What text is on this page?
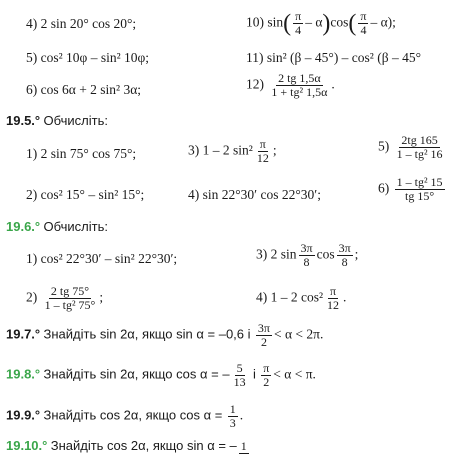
4) 2 sin 20° cos 20°;	10) $\sin( \frac{\pi}{4} - \alpha)\cos( \frac{\pi}{4} - \alpha)$;
5) cos² 10φ – sin² 10φ;	11) sin² (β – 45°) – cos² (β – 45°
6) cos 6α + 2 sin² 3α;	$12) \frac{2 tg 1,5\alpha}{\text{1 + tg² 1,5α}}$ .
19.5.° Обчисліть:
1) 2 sin 75° cos 75°;	3) 1 – 2 $\sin^2 \frac{\pi}{12}$ ;	$5) \frac{2tg 165}{\text{1 – tg² 16}}$
2) cos² 15° – sin² 15°;	4) sin 22°30′ cos 22°30′;	$6) \frac{\text{1 – tg² 15}}{tg 15^\circ}$
19.6.° Обчисліть:
1) cos² 22°30′ – sin² 22°30′;	3) 2 $\sin \frac{3\pi}{8}$ $\cos \frac{3\pi}{8}$ ;
$2) \frac{2 tg 75^\circ}{\text{1 – tg² 75°}}$ ;	4) 1 – 2 $\cos^2 \frac{\pi}{12}$ .
19.7.° Знайдіть sin 2α, якщо sin α = –0,6 і $\frac{3\pi}{2} < \alpha < 2\pi$.
19.8.° Знайдіть sin 2α, якщо cos α = – $\frac{5}{13}$ і $\frac{\pi}{2} < \alpha < \pi$.
19.9.° Знайдіть cos 2α, якщо $\cos \alpha = \frac{1}{3}$ .
19.10.° Знайдіть cos 2α, якщо sin α = – 1
